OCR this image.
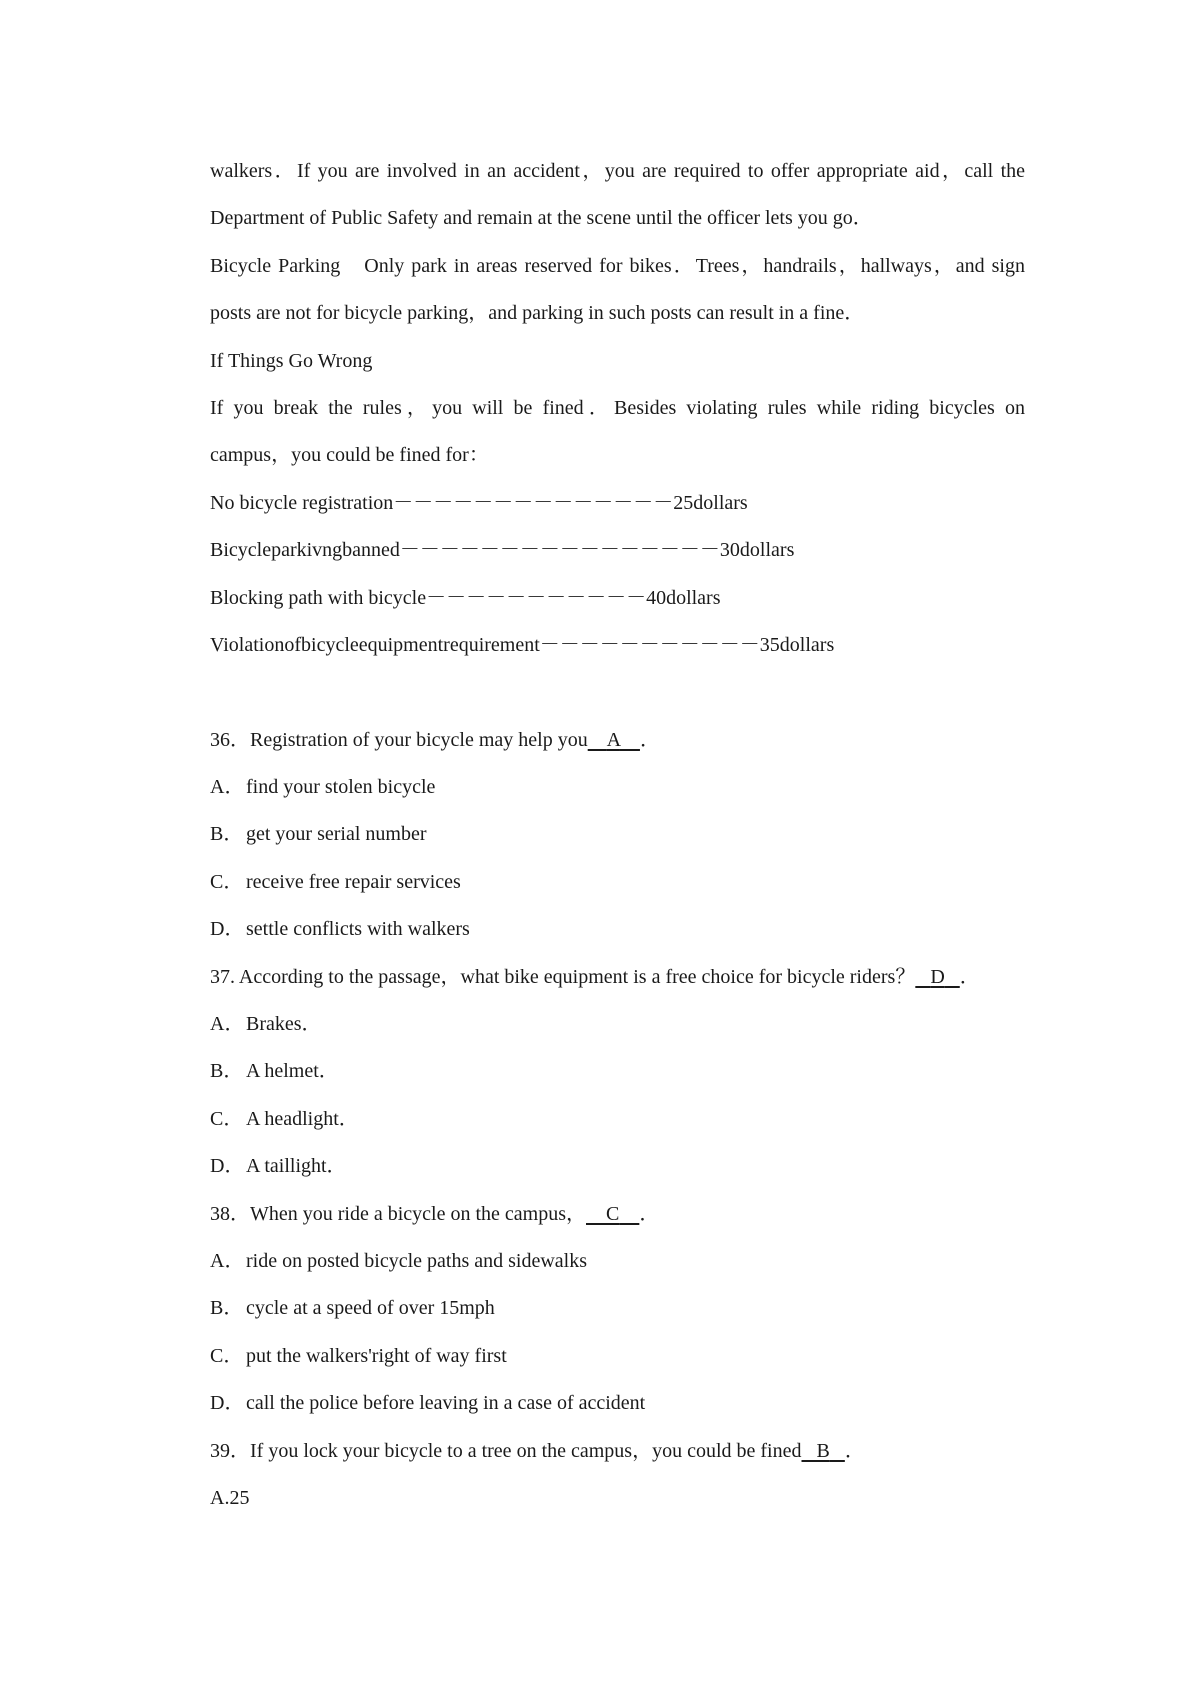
walkers．If you are involved in an accident，you are required to offer appropriate aid，call the
Department of Public Safety and remain at the scene until the officer lets you go．
Bicycle Parking　Only park in areas reserved for bikes．Trees，handrails，hallways，and sign
posts are not for bicycle parking，and parking in such posts can result in a fine．
If Things Go Wrong
If you break the rules，you will be fined．Besides violating rules while riding bicycles on
campus，you could be fined for：
No bicycle registration－－－－－－－－－－－－－－25dollars
Bicycleparkivngbanned－－－－－－－－－－－－－－－－30dollars
Blocking path with bicycle－－－－－－－－－－－40dollars
Violationofbicycleequipmentrequirement－－－－－－－－－－－35dollars
36．Registration of your bicycle may help you A ．
A．find your stolen bicycle
B． get your serial number
C． receive free repair services
D．settle conflicts with walkers
37. According to the passage，what bike equipment is a free choice for bicycle riders？ D ．
A．Brakes．
B． A helmet．
C． A headlight．
D．A taillight．
38．When you ride a bicycle on the campus， C ．
A．ride on posted bicycle paths and sidewalks
B． cycle at a speed of over 15mph
C． put the walkers'right of way first
D．call the police before leaving in a case of accident
39．If you lock your bicycle to a tree on the campus，you could be fined B ．
A.25
